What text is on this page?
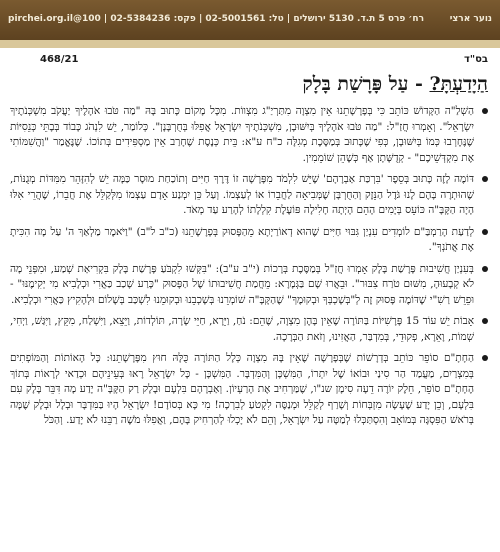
רח׳ פרס 5 ת.ד. 5130 ירושלים | טל: 02-5001561 | פקס: 02-5384236 | 100@pirchei.org.il	נוער ארצי
בס"ד
468/21
הַיָדַעְתָּ? - עַל פָּרָשַׁת בָּלָק

הַשְׁלַ"ה הַקָּדוֹשׁ כּוֹתֵב כִּי בְּפָרָשָׁתֵנוּ אֵין מִצְוָה מִתַּרְיַ"ג מִצְווֹת. מִכָּל מָקוֹם כָּתוּב בָּהּ "מַה טֹּבוּ אֹהָלֶיךָ יַעֲקֹב מִשְׁכְּנֹתֶיךָ יִשְׂרָאֵל". וְאָמְרוּ חֲזַ"ל: "מַה טֹּבוּ אֹהָלֶיךָ בְּיִשּׁוּבָן, מִשְׁכְּנֹתֶיךָ יִשְׂרָאֵל אֲפִלּוּ בְּחֻרְבָּנָן". כְּלוֹמַר, יֵשׁ לִנְהֹג כָּבוֹד בְּבָתֵּי כְּנֵסִיּוֹת שֶׁנֶּחֶרְבוּ כְּמוֹ בְּיִשּׁוּבָן, כְּפִי שֶׁכָּתוּב בְּמַסֶּכֶת מְגִלָּה כ"ח ע"א: בֵּית כְּנֶסֶת שֶׁחָרַב אֵין מַסְפִּידִים בְּתוֹכוֹ. שֶׁנֶּאֱמַר "וַהֲשִׁמּוֹתִי אֶת מִקְדְּשֵׁיכֶם" - קְדֻשָּׁתָן אַף כְּשֶׁהֵן שׁוֹמֵמִין.

דּוֹמֶה לָזֶה כָּתוּב בְּסֵפֶר 'בִּרְכַּת אַבְרָהָם' שֶׁיֵּשׁ לִלְמֹד מִפָּרָשָׁה זוֹ דֶּרֶךְ חַיִּים וְתוֹכַחַת מוּסָר כַּמָּה יֵשׁ לְהִזָּהֵר מִמִּדּוֹת מְגֻנּוֹת, שֶׁהוּתְרָה בָּהֶם לָנוּ גֹּדֶל הַנֵּזֶק וְהַחֻרְבָּן שֶׁמְּבִיאָה לַחֲבֵרוֹ אוֹ לְעַצְמוֹ. וְעַל כֵּן יִמְנַע אָדָם עַצְמוֹ מִלְּקַלֵּל אֶת חֲבֵרוֹ, שֶׁהֲרֵי אִלּוּ הָיָה הַקָּבָּ"ה כּוֹעֵס בְּיָמִים הָהֵם הָיְתָה חָלִילָה פּוֹעֶלֶת קִלְלָתוֹ לְהָרַע עַד מְאֹד.

לְדַעַת הָרַמְבַּ"ם לוֹמְדִים עִנְיַן גִּבּוּי חַיִּים שֶׁהוּא דְאוֹרַיְתָא מֵהַפָּסוּק בְּפָרָשָׁתֵנוּ (כ"ב ל"ב) "וַיֹּאמֶר מַלְאַךְ ה' עַל מָה הִכִּיתָ אֶת אֲתֹנְךָ".

בְּעִנְיַן חֲשִׁיבוּת פָּרָשַׁת בָּלָק אָמְרוּ חֲזַ"ל בְּמַסֶּכֶת בְּרָכוֹת (י"ב ע"ב): "בִּקְּשׁוּ לִקְבֹּעַ פָּרָשַׁת בָּלָק בִּקְרִיאַת שְׁמַע, וּמִפְּנֵי מָה לֹא קְבָעוּהָ, מִשּׁוּם טֹרַח צִבּוּר". וּבֵאֲרוּ שָׁם בַּגְּמָרָא: מֵחֲמַת חֲשִׁיבוּתוֹ שֶׁל הַפָּסוּק "כָּרַע שָׁכַב כַּאֲרִי וּכְלָבִיא מִי יְקִימֶנּוּ" - וּפֵרֵשׁ רַשִׁ"י שֶׁדּוֹמֶה פָּסוּק זֶה לְ"בְּשָׁכְבְּךָ וּבְקוּמֶךָ" שֶׁהַקָּבָּ"ה שׁוֹמְרֵנוּ בְּשָׁכְבֵנוּ וּבְקוּמֵנוּ לִשְׁכַּב בְּשָׁלוֹם וּלְהָקִיץ כַּאֲרִי וּכְלָבִיא.

אָבוֹת יֵשׁ עוֹד 15 פָּרָשִׁיּוֹת בַּתּוֹרָה שֶׁאֵין בָּהֶן מִצְוָה, שֶׁהֵם: נֹחַ, וַיֵּרָא, חַיֵּי שָׂרָה, תּוֹלְדוֹת, וַיֵּצֵא, וַיִּשְׁלַח, מִקֵּץ, וַיִּגַּשׁ, וַיְחִי, שְׁמוֹת, וָאֵרָא, פְקוּדֵי, בְּמִדְבַּר, הַאֲזִינוּ, וְזֹאת הַבְּרָכָה.

הַחָתָ"ם סוֹפֵר כּוֹתֵב בְּדְרָשׁוֹת שֶׁבְּפָרָשָׁה שֶׁאֵין בָּהּ מִצְוָה כְּלָל הַתּוֹרָה כֻּלָּהּ חוּץ מִפָּרָשָׁתֵנוּ: כָּל הָאוֹתוֹת וְהַמּוֹפְתִים בְּמִצְרַיִם, מַעֲמַד הַר סִינַי וּבוֹאוֹ שֶׁל יִתְרוֹ, הַמִּשְׁכָּן וְהַמִּדְבָּר. הַמִּשְׁכָּן - כָּל יִשְׂרָאֵל רָאוּ בְּעֵינֵיהֶם וּכְדַאי לְרָאוֹת בְּתוֹךְ הֶחָתָ"ם סוֹפֵר, חֵלֶק יוֹרֶה דֵעָה סִימָן שנ"ו, שֶׁמַּרְחִיב אֶת הָרַעְיוֹן. וְאַבְרָהָם בִּלְעָם וּבָלָק רַק הַקָּבָּ"ה יָדַע מָה דִּבֵּר בָּלָק עִם בִּלְעָם, וְכֵן יָדַע שֶׁעָשָׂה מִזְבְּחוֹת וְשָׁרַף לְקַלֵּל וּמְנַסֶּה לִקְטֹעַ לְבִרְכָה! מִי כָּא בְּסוֹדָם! יִשְׂרָאֵל הָיוּ בַּמִּדְבָּר וּבְלָל וּבְלָק שֶׁמָּה בְּרֹאשׁ הַפִּסְגָּה בְּמוֹאָב וְהִסְתַּכְּלוּ לְמַטָּה עַל יִשְׂרָאֵל, וְהֵם לֹא יָכְלוּ לְהַרְחִיק בָּהֶם, וַאֲפִלּוּ מֹשֶׁה רַבֵּנוּ לֹא יָדַע. וְהַכֹּל
